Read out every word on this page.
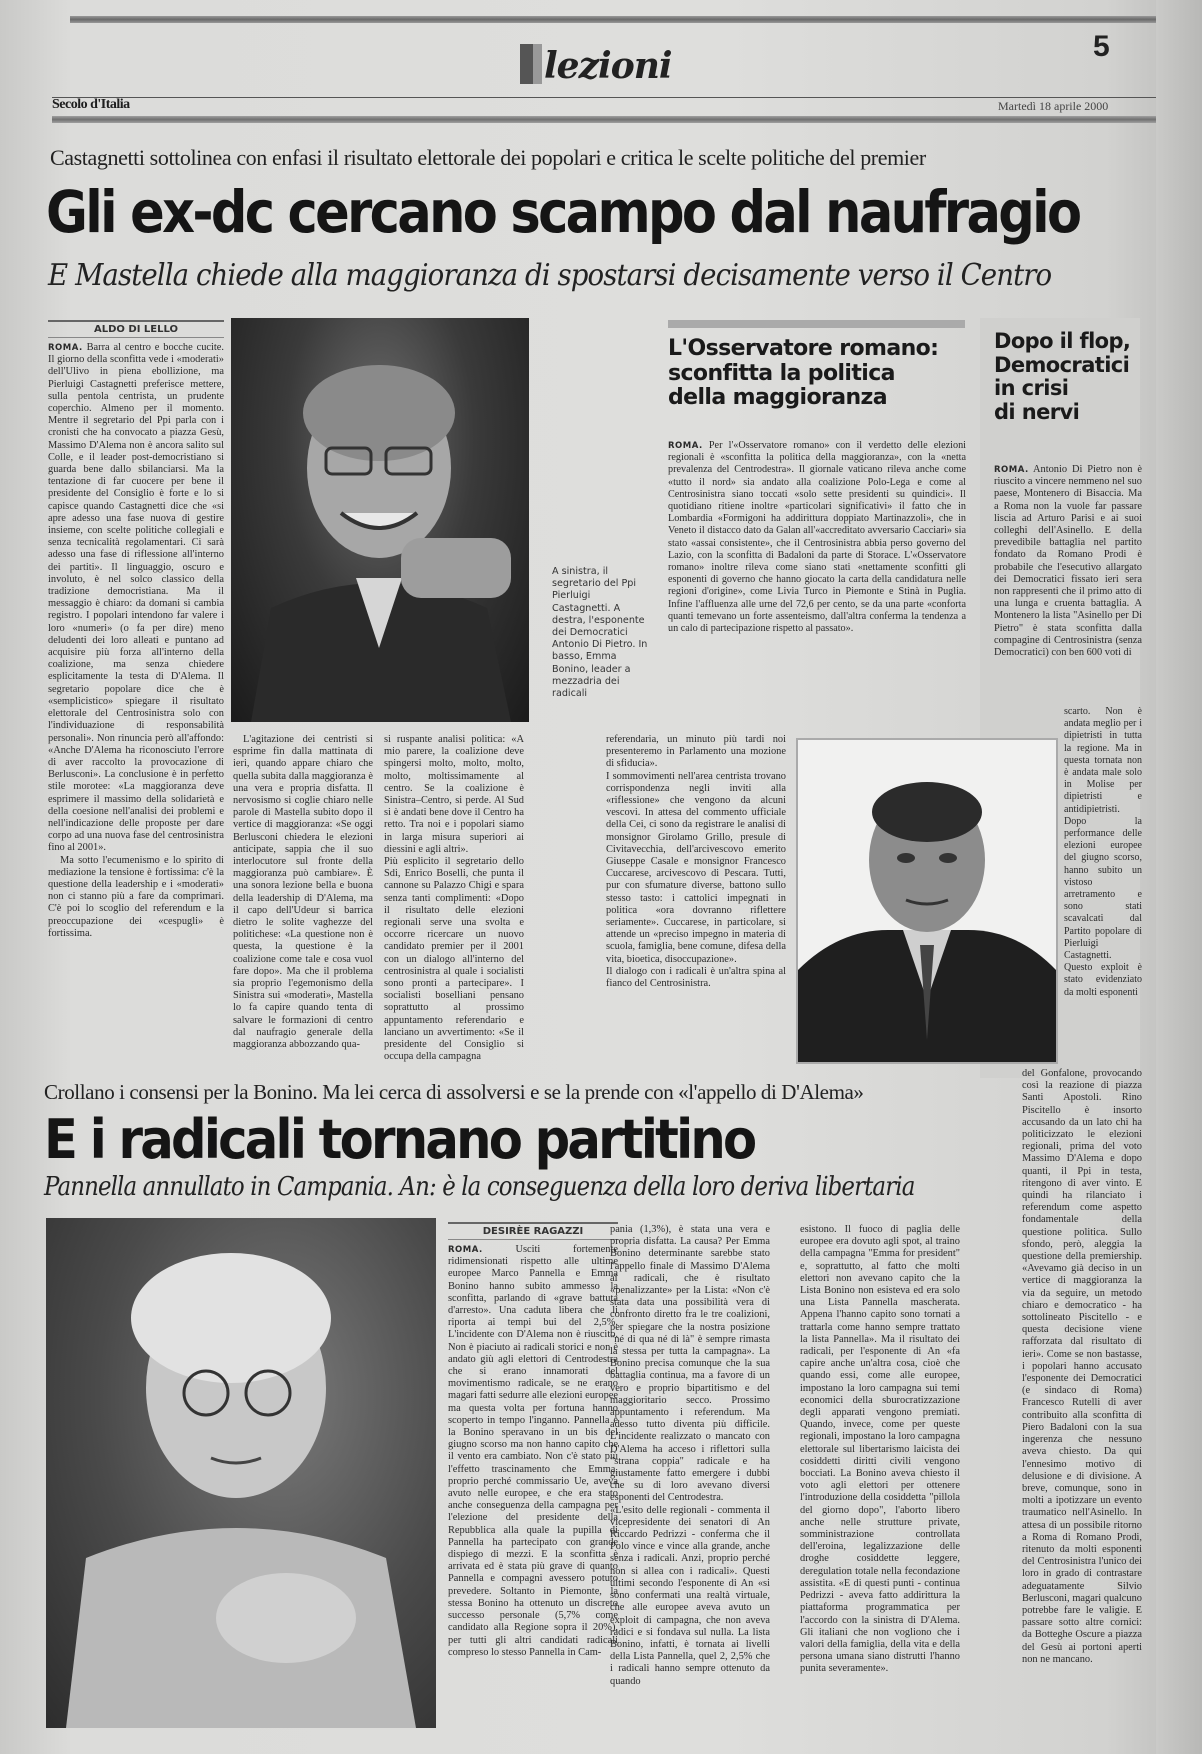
lezioni	5
Secolo d'Italia	Martedì 18 aprile 2000
Castagnetti sottolinea con enfasi il risultato elettorale dei popolari e critica le scelte politiche del premier
Gli ex-dc cercano scampo dal naufragio
E Mastella chiede alla maggioranza di spostarsi decisamente verso il Centro
ALDO DI LELLO
ROMA. Barra al centro e bocche cucite. Il giorno della sconfitta vede i «moderati» dell'Ulivo in piena ebollizione, ma Pierluigi Castagnetti preferisce mettere, sulla pentola centrista, un prudente coperchio. Almeno per il momento. Mentre il segretario del Ppi parla con i cronisti che ha convocato a piazza Gesù, Massimo D'Alema non è ancora salito sul Colle, e il leader post-democristiano si guarda bene dallo sbilanciarsi. Ma la tentazione di far cuocere per bene il presidente del Consiglio è forte e lo si capisce quando Castagnetti dice che «si apre adesso una fase nuova di gestire insieme, con scelte politiche collegiali e senza tecnicalità regolamentari. Ci sarà adesso una fase di riflessione all'interno dei partiti». Il linguaggio, oscuro e involuto, è nel solco classico della tradizione democristiana. Ma il messaggio è chiaro: da domani si cambia registro. I popolari intendono far valere i loro «numeri» (o fa per dire) meno deludenti dei loro alleati e puntano ad acquisire più forza all'interno della coalizione, ma senza chiedere esplicitamente la testa di D'Alema. Il segretario popolare dice che è «semplicistico» spiegare il risultato elettorale del Centrosinistra solo con l'individuazione di responsabilità personali». Non rinuncia però all'affondo: «Anche D'Alema ha riconosciuto l'errore di aver raccolto la provocazione di Berlusconi». La conclusione è in perfetto stile morotee: «La maggioranza deve esprimere il massimo della solidarietà e della coesione nell'analisi dei problemi e nell'indicazione delle proposte per dare corpo ad una nuova fase del centrosinistra fino al 2001».
Ma sotto l'ecumenismo e lo spirito di mediazione la tensione è fortissima: c'è la questione della leadership e i «moderati» non ci stanno più a fare da comprimari. C'è poi lo scoglio del referendum e la preoccupazione dei «cespugli» è fortissima.
A sinistra, il segretario del Ppi Pierluigi Castagnetti. A destra, l'esponente dei Democratici Antonio Di Pietro. In basso, Emma Bonino, leader a mezzadria dei radicali
L'Osservatore romano:
sconfitta la politica
della maggioranza
ROMA. Per l'«Osservatore romano» con il verdetto delle elezioni regionali è «sconfitta la politica della maggioranza», con la «netta prevalenza del Centrodestra». Il giornale vaticano rileva anche come «tutto il nord» sia andato alla coalizione Polo-Lega e come al Centrosinistra siano toccati «solo sette presidenti su quindici». Il quotidiano ritiene inoltre «particolari significativi» il fatto che in Lombardia «Formigoni ha addirittura doppiato Martinazzoli», che in Veneto il distacco dato da Galan all'«accreditato avversario Cacciari» sia stato «assai consistente», che il Centrosinistra abbia perso governo del Lazio, con la sconfitta di Badaloni da parte di Storace. L'«Osservatore romano» inoltre rileva come siano stati «nettamente sconfitti gli esponenti di governo che hanno giocato la carta della candidatura nelle regioni d'origine», come Livia Turco in Piemonte e Stinà in Puglia. Infine l'affluenza alle urne del 72,6 per cento, se da una parte «conforta quanti temevano un forte assenteismo, dall'altra conferma la tendenza a un calo di partecipazione rispetto al passato».
Dopo il flop,
Democratici
in crisi
di nervi
ROMA. Antonio Di Pietro non è riuscito a vincere nemmeno nel suo paese, Montenero di Bisaccia. Ma a Roma non la vuole far passare liscia ad Arturo Parisi e ai suoi colleghi dell'Asinello. E della prevedibile battaglia nel partito fondato da Romano Prodi è probabile che l'esecutivo allargato dei Democratici fissato ieri sera non rappresenti che il primo atto di una lunga e cruenta battaglia. A Montenero la lista "Asinello per Di Pietro" è stata sconfitta dalla compagine di Centrosinistra (senza Democratici) con ben 600 voti di
scarto. Non è andata meglio per i dipietristi in tutta la regione. Ma in questa tornata non è andata male solo in Molise per dipietristi e antidipietristi. Dopo la performance delle elezioni europee del giugno scorso, hanno subito un vistoso arretramento e sono stati scavalcati dal Partito popolare di Pierluigi Castagnetti. Questo exploit è stato evidenziato da molti esponenti
del Gonfalone, provocando così la reazione di piazza Santi Apostoli. Rino Piscitello è insorto accusando da un lato chi ha politicizzato le elezioni regionali, prima del voto Massimo D'Alema e dopo quanti, il Ppi in testa, ritengono di aver vinto. E quindi ha rilanciato i referendum come aspetto fondamentale della questione politica. Sullo sfondo, però, aleggia la questione della premiership. «Avevamo già deciso in un vertice di maggioranza la via da seguire, un metodo chiaro e democratico - ha sottolineato Piscitello - e questa decisione viene rafforzata dal risultato di ieri». Come se non bastasse, i popolari hanno accusato l'esponente dei Democratici (e sindaco di Roma) Francesco Rutelli di aver contribuito alla sconfitta di Piero Badaloni con la sua ingerenza che nessuno aveva chiesto. Da qui l'ennesimo motivo di delusione e di divisione. A breve, comunque, sono in molti a ipotizzare un evento traumatico nell'Asinello. In attesa di un possibile ritorno a Roma di Romano Prodi, ritenuto da molti esponenti del Centrosinistra l'unico dei loro in grado di contrastare adeguatamente Silvio Berlusconi, magari qualcuno potrebbe fare le valigie. E passare sotto altre cornici: da Botteghe Oscure a piazza del Gesù ai portoni aperti non ne mancano.
L'agitazione dei centristi si esprime fin dalla mattinata di ieri, quando appare chiaro che quella subita dalla maggioranza è una vera e propria disfatta. Il nervosismo si coglie chiaro nelle parole di Mastella subito dopo il vertice di maggioranza: «Se oggi Berlusconi chiedera le elezioni anticipate, sappia che il suo interlocutore sul fronte della maggioranza può cambiare». È una sonora lezione bella e buona della leadership di D'Alema, ma il capo dell'Udeur si barrica dietro le solite vaghezze del politichese: «La questione non è questa, la questione è la coalizione come tale e cosa vuol fare dopo». Ma che il problema sia proprio l'egemonismo della Sinistra sui «moderati», Mastella lo fa capire quando tenta di salvare le formazioni di centro dal naufragio generale della maggioranza abbozzando qua-
si ruspante analisi politica: «A mio parere, la coalizione deve spingersi molto, molto, molto, molto, moltissimamente al centro. Se la coalizione è Sinistra–Centro, si perde. Al Sud si è andati bene dove il Centro ha retto. Tra noi e i popolari siamo in larga misura superiori ai diessini e agli altri».
Più esplicito il segretario dello Sdi, Enrico Boselli, che punta il cannone su Palazzo Chigi e spara senza tanti complimenti: «Dopo il risultato delle elezioni regionali serve una svolta e occorre ricercare un nuovo candidato premier per il 2001 con un dialogo all'interno del centrosinistra al quale i socialisti sono pronti a partecipare». I socialisti boselliani pensano soprattutto al prossimo appuntamento referendario e lanciano un avvertimento: «Se il presidente del Consiglio si occupa della campagna
referendaria, un minuto più tardi noi presenteremo in Parlamento una mozione di sfiducia».
I sommovimenti nell'area centrista trovano corrispondenza negli inviti alla «riflessione» che vengono da alcuni vescovi. In attesa del commento ufficiale della Cei, ci sono da registrare le analisi di monsignor Girolamo Grillo, presule di Civitavecchia, dell'arcivescovo emerito Giuseppe Casale e monsignor Francesco Cuccarese, arcivescovo di Pescara. Tutti, pur con sfumature diverse, battono sullo stesso tasto: i cattolici impegnati in politica «ora dovranno riflettere seriamente». Cuccarese, in particolare, si attende un «preciso impegno in materia di scuola, famiglia, bene comune, difesa della vita, bioetica, disoccupazione».
Il dialogo con i radicali è un'altra spina al fianco del Centrosinistra.
Crollano i consensi per la Bonino. Ma lei cerca di assolversi e se la prende con «l'appello di D'Alema»
E i radicali tornano partitino
Pannella annullato in Campania. An: è la conseguenza della loro deriva libertaria
DESIRÈE RAGAZZI
ROMA.	Usciti fortemente ridimensionati rispetto alle ultime europee Marco Pannella e Emma Bonino hanno subito ammesso la sconfitta, parlando di «grave battuta d'arresto». Una caduta libera che li riporta ai tempi bui del 2,5%. L'incidente con D'Alema non è riuscito. Non è piaciuto ai radicali storici e non è andato giù agli elettori di Centrodestra che si erano innamorati del movimentismo radicale, se ne erano magari fatti sedurre alle elezioni europee ma questa volta per fortuna hanno scoperto in tempo l'inganno. Pannella e la Bonino speravano in un bis del giugno scorso ma non hanno capito che il vento era cambiato. Non c'è stato più l'effetto trascinamento che Emma, proprio perché commissario Ue, aveva avuto nelle europee, e che era stato anche conseguenza della campagna per l'elezione del presidente della Repubblica alla quale la pupilla di Pannella ha partecipato con grande dispiego di mezzi. E la sconfitta è arrivata ed è stata più grave di quanto Pannella e compagni avessero potuto prevedere. Soltanto in Piemonte, la stessa Bonino ha ottenuto un discreto successo personale (5,7% come candidato alla Regione sopra il 20%), per tutti gli altri candidati radicali compreso lo stesso Pannella in Cam-
pania (1,3%), è stata una vera e propria disfatta. La causa? Per Emma Bonino determinante sarebbe stato l'appello finale di Massimo D'Alema ai radicali, che è risultato «penalizzante» per la Lista: «Non c'è stata data una possibilità vera di confronto diretto fra le tre coalizioni, per spiegare che la nostra posizione "né di qua né di là" è sempre rimasta la stessa per tutta la campagna». La Bonino precisa comunque che la sua battaglia continua, ma a favore di un vero e proprio bipartitismo e del maggioritario secco. Prossimo appuntamento i referendum. Ma adesso tutto diventa più difficile. L'incidente realizzato o mancato con D'Alema ha acceso i riflettori sulla "strana coppia" radicale e ha giustamente fatto emergere i dubbi che su di loro avevano diversi esponenti del Centrodestra.
«L'esito delle regionali - commenta il vicepresidente dei senatori di An Riccardo Pedrizzi - conferma che il Polo vince e vince alla grande, anche senza i radicali. Anzi, proprio perché non si allea con i radicali». Questi ultimi secondo l'esponente di An «si sono confermati una realtà virtuale, che alle europee aveva avuto un exploit di campagna, che non aveva radici e si fondava sul nulla. La lista Bonino, infatti, è tornata ai livelli della Lista Pannella, quel 2, 2,5% che i radicali hanno sempre ottenuto da quando
esistono. Il fuoco di paglia delle europee era dovuto agli spot, al traino della campagna "Emma for president" e, soprattutto, al fatto che molti elettori non avevano capito che la Lista Bonino non esisteva ed era solo una Lista Pannella mascherata. Appena l'hanno capito sono tornati a trattarla come hanno sempre trattato la lista Pannella». Ma il risultato dei radicali, per l'esponente di An «fa capire anche un'altra cosa, cioè che quando essi, come alle europee, impostano la loro campagna sui temi economici della sburocratizzazione degli apparati vengono premiati. Quando, invece, come per queste regionali, impostano la loro campagna elettorale sul libertarismo laicista dei cosiddetti diritti civili vengono bocciati. La Bonino aveva chiesto il voto agli elettori per ottenere l'introduzione della cosiddetta "pillola del giorno dopo", l'aborto libero anche nelle strutture private, somministrazione controllata dell'eroina, legalizzazione delle droghe cosiddette leggere, deregulation totale nella fecondazione assistita. «E di questi punti - continua Pedrizzi - aveva fatto addirittura la piattaforma programmatica per l'accordo con la sinistra di D'Alema. Gli italiani che non vogliono che i valori della famiglia, della vita e della persona umana siano distrutti l'hanno punita severamente».
